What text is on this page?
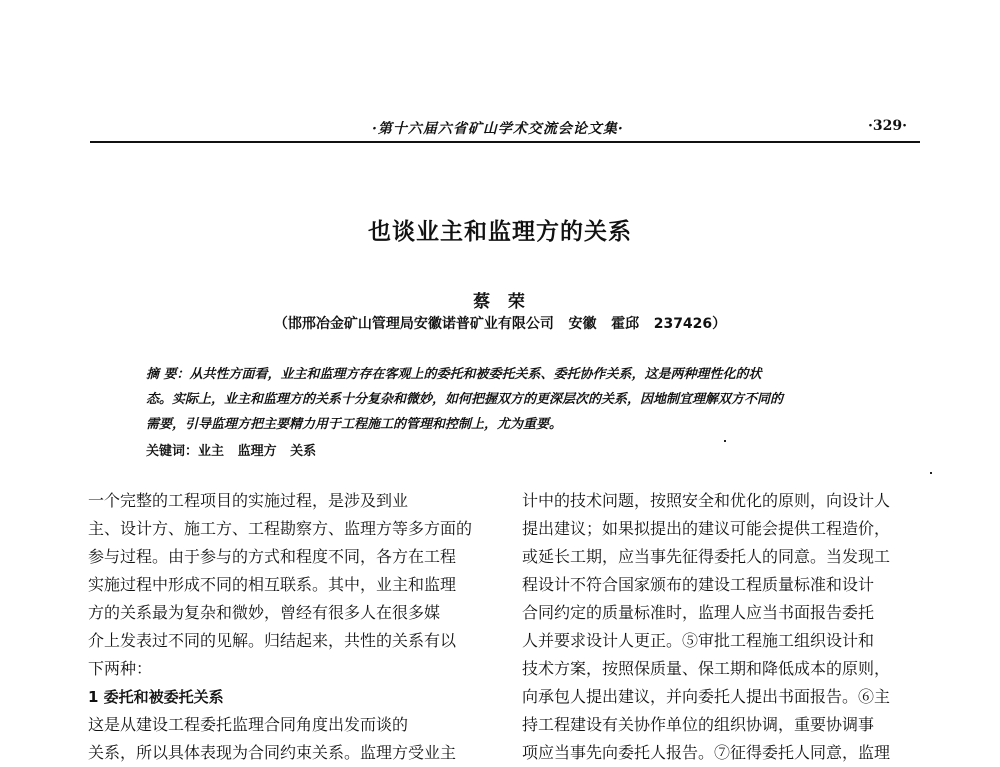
·第十六届六省矿山学术交流会论文集·	·329·
也谈业主和监理方的关系
蔡  荣
（邯邢冶金矿山管理局安徽诺普矿业有限公司   安徽   霍邱   237426）
摘 要：从共性方面看，业主和监理方存在客观上的委托和被委托关系、委托协作关系，这是两种理性化的状
态。实际上，业主和监理方的关系十分复杂和微妙，如何把握双方的更深层次的关系，因地制宜理解双方不同的
需要，引导监理方把主要精力用于工程施工的管理和控制上，尤为重要。
关键词：业主   监理方   关系
一个完整的工程项目的实施过程，是涉及到业
主、设计方、施工方、工程勘察方、监理方等多方面的
参与过程。由于参与的方式和程度不同，各方在工程
实施过程中形成不同的相互联系。其中，业主和监理
方的关系最为复杂和微妙，曾经有很多人在很多媒
介上发表过不同的见解。归结起来，共性的关系有以
下两种：
1 委托和被委托关系
这是从建设工程委托监理合同角度出发而谈的
关系，所以具体表现为合同约束关系。监理方受业主
计中的技术问题，按照安全和优化的原则，向设计人
提出建议；如果拟提出的建议可能会提供工程造价，
或延长工期，应当事先征得委托人的同意。当发现工
程设计不符合国家颁布的建设工程质量标准和设计
合同约定的质量标准时，监理人应当书面报告委托
人并要求设计人更正。⑤审批工程施工组织设计和
技术方案，按照保质量、保工期和降低成本的原则，
向承包人提出建议，并向委托人提出书面报告。⑥主
持工程建设有关协作单位的组织协调，重要协调事
项应当事先向委托人报告。⑦征得委托人同意，监理
